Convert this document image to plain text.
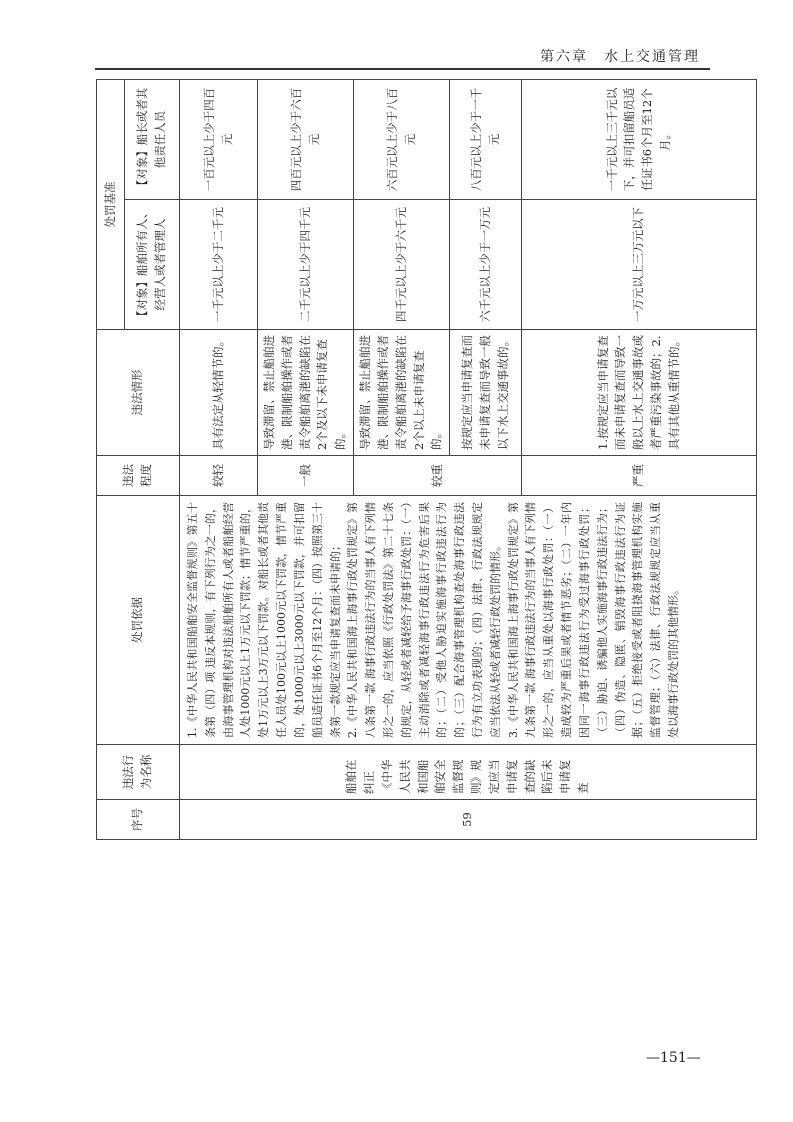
第六章　水上交通管理
序号	违法行为名称	处罚依据	违法程度	违法情形	处罚基准	
					【对象】船舶所有人、经营人或者管理人	【对象】船长或者其他责任人员
59	船舶在纠正《中华人民共和国船舶安全监督规则》规定应当申请复查的缺陷后未申请复查	1.《中华人民共和国船舶安全监督规则》第五十条第（四）项 违反本规则，有下列行为之一的，由海事管理机构对违法船舶所有人或者船舶经营人处1000元以上1万元以下罚款；情节严重的，处1万元以上3万元以下罚款。对船长或者其他责任人员处100元以上1000元以下罚款，情节严重的，处1000元以上3000元以下罚款，并可扣留船员适任证书6个月至12个月：（四）按照第三十条第一款规定应当申请复查而未申请的； 2.《中华人民共和国海上海事行政处罚规定》第八条第一款 海事行政违法行为的当事人有下列情形之一的，应当依照《行政处罚法》第二十七条的规定，从轻或者减轻给予海事行政处罚：（一）主动消除或者减轻海事行政违法行为危害后果的；（二）受他人胁迫实施海事行政违法行为的；（三）配合海事管理机构查处海事行政违法行为有立功表现的；（四）法律、行政法规规定应当依法从轻或者减轻行政处罚的情形。 3.《中华人民共和国海上海事行政处罚规定》第九条第一款 海事行政违法行为的当事人有下列情形之一的，应当从重处以海事行政处罚：（一）造成较为严重后果或者情节恶劣；（二）一年内因同一海事行政违法行为受过海事行政处罚；（三）胁迫、诱骗他人实施海事行政违法行为；（四）伪造、隐匿、销毁海事行政违法行为证据；（五）拒绝接受或者阻挠海事管理机构实施监督管理；（六）法律、行政法规规定应当从重处以海事行政处罚的其他情形。	较轻	具有法定从轻情节的。	一千元以上少于二千元	一百元以上少于四百元
			一般	导致滞留、禁止船舶进港、限制船舶操作或者责令船舶离港的缺陷在2个及以下未申请复查的。	二千元以上少于四千元	四百元以上少于六百元
			较重	导致滞留、禁止船舶进港、限制船舶操作或者责令船舶离港的缺陷在2个以上未申请复查的。	四千元以上少于六千元	六百元以上少于八百元
				按规定应当申请复查而未申请复查而导致一般以下水上交通事故的。	六千元以上少于一万元	八百元以上少于一千元
			严重	1.按规定应当申请复查而未申请复查而导致一般以上水上交通事故或者严重污染事故的；2.具有其他从重情节的。	一万元以上三万元以下	一千元以上三千元以下，并可扣留船员适任证书6个月至12个月。
—151—
